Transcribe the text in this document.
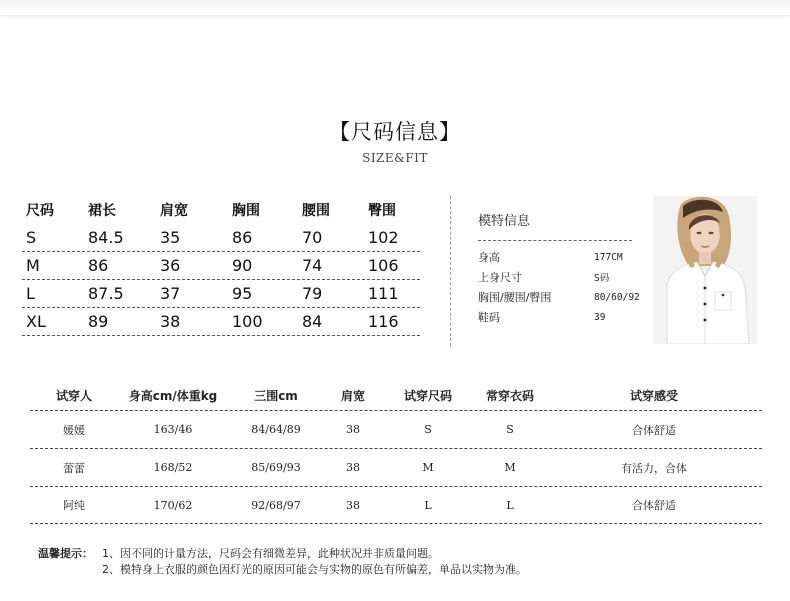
【尺码信息】
SIZE&FIT
尺码	裙长	肩宽	胸围	腰围	臀围
S	84.5	35	86	70	102
M	86	36	90	74	106
L	87.5	37	95	79	111
XL	89	38	100	84	116
模特信息
身高	177CM
上身尺寸	S码
胸围/腰围/臀围	80/60/92
鞋码	39
试穿人	身高cm/体重kg	三围cm	肩宽	试穿尺码	常穿衣码	试穿感受
媛媛	163/46	84/64/89	38	S	S	合体舒适
蕾蕾	168/52	85/69/93	38	M	M	有活力，合体
阿纯	170/62	92/68/97	38	L	L	合体舒适
温馨提示： 1、因不同的计量方法，尺码会有细微差异，此种状况并非质量问题。
2、模特身上衣服的颜色因灯光的原因可能会与实物的原色有所偏差，单品以实物为准。
